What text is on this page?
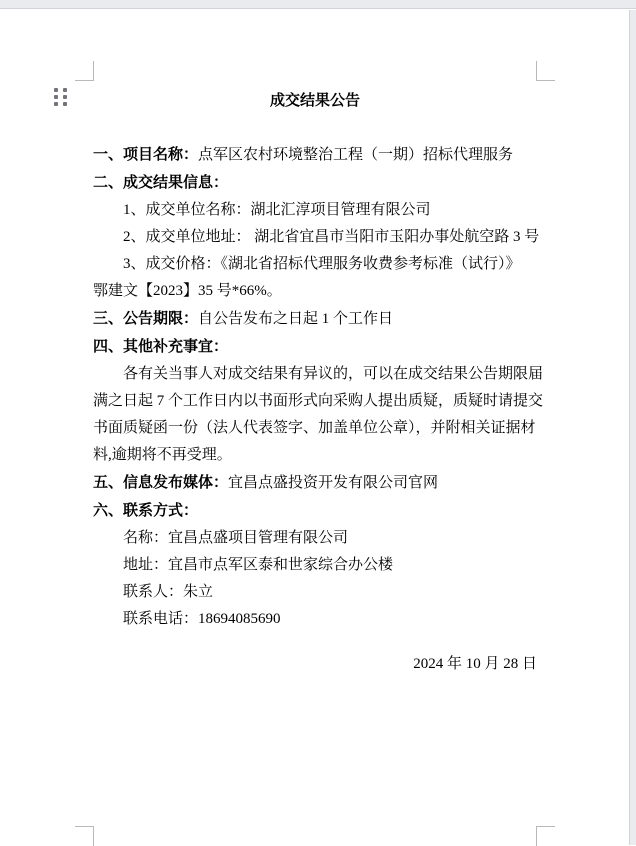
成交结果公告
一、项目名称：点军区农村环境整治工程（一期）招标代理服务
二、成交结果信息：
1、成交单位名称：湖北汇淳项目管理有限公司
2、成交单位地址： 湖北省宜昌市当阳市玉阳办事处航空路 3 号
3、成交价格：《湖北省招标代理服务收费参考标准（试行）》
鄂建文【2023】35 号*66%。
三、公告期限：自公告发布之日起 1 个工作日
四、其他补充事宜：
各有关当事人对成交结果有异议的，可以在成交结果公告期限届
满之日起 7 个工作日内以书面形式向采购人提出质疑，质疑时请提交
书面质疑函一份（法人代表签字、加盖单位公章），并附相关证据材
料,逾期将不再受理。
五、信息发布媒体：宜昌点盛投资开发有限公司官网
六、联系方式：
名称：宜昌点盛项目管理有限公司
地址：宜昌市点军区泰和世家综合办公楼
联系人：朱立
联系电话：18694085690
2024 年 10 月 28 日
